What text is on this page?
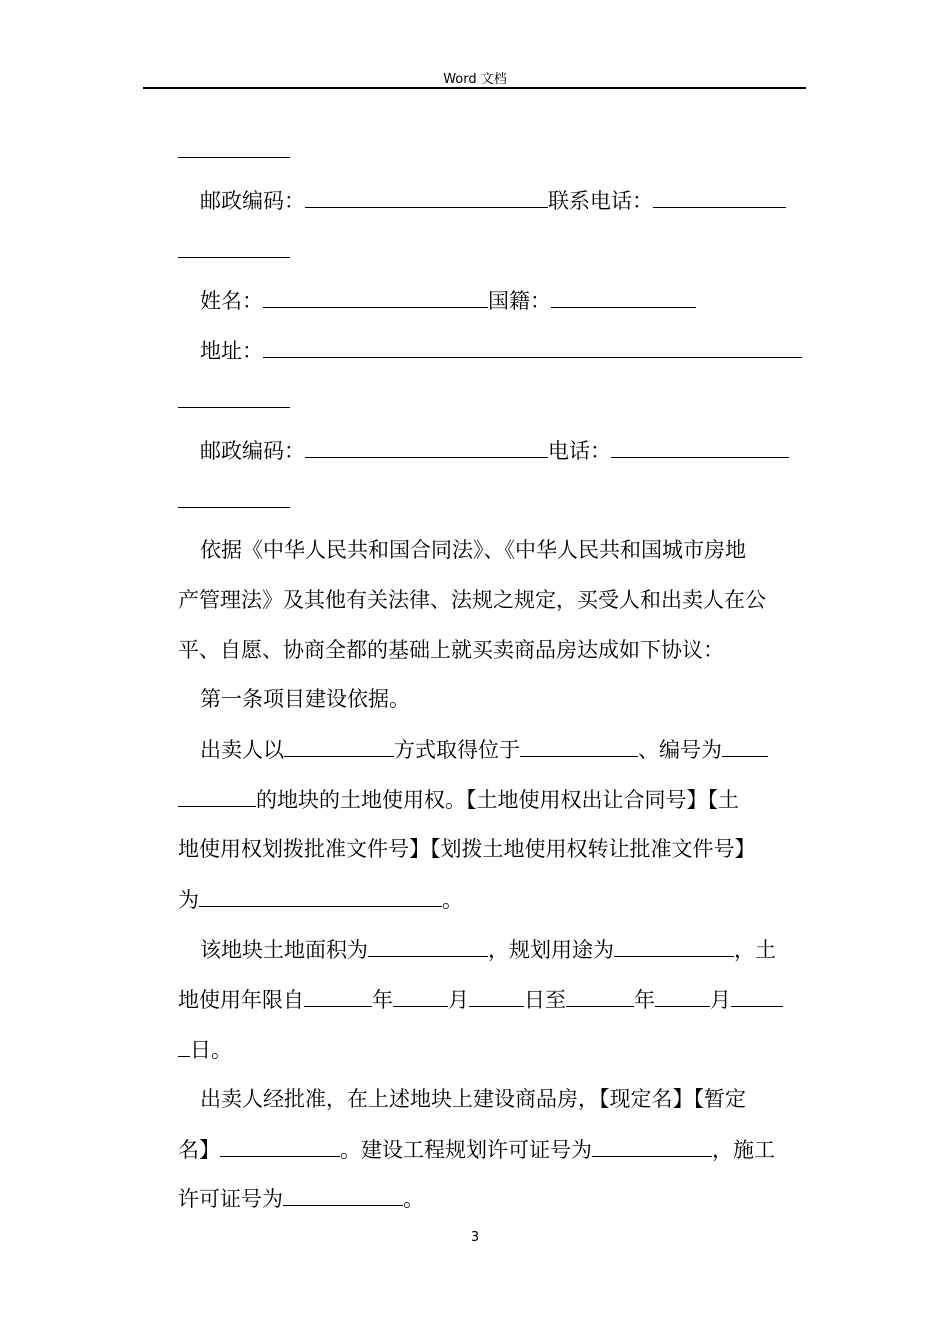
Word 文档
邮政编码：	联系电话：
姓名：	国籍：
地址：
邮政编码：	电话：
依据《中华人民共和国合同法》、《中华人民共和国城市房地
产管理法》及其他有关法律、法规之规定，买受人和出卖人在公
平、自愿、协商全都的基础上就买卖商品房达成如下协议：
第一条项目建设依据。
出卖人以	方式取得位于	、编号为
的地块的土地使用权。【土地使用权出让合同号】【土
地使用权划拨批准文件号】【划拨土地使用权转让批准文件号】
为	。
该地块土地面积为	，规划用途为	，土
地使用年限自	年	月	日至	年	月
日。
出卖人经批准，在上述地块上建设商品房，【现定名】【暂定
名】	。建设工程规划许可证号为	，施工
许可证号为	。
3
